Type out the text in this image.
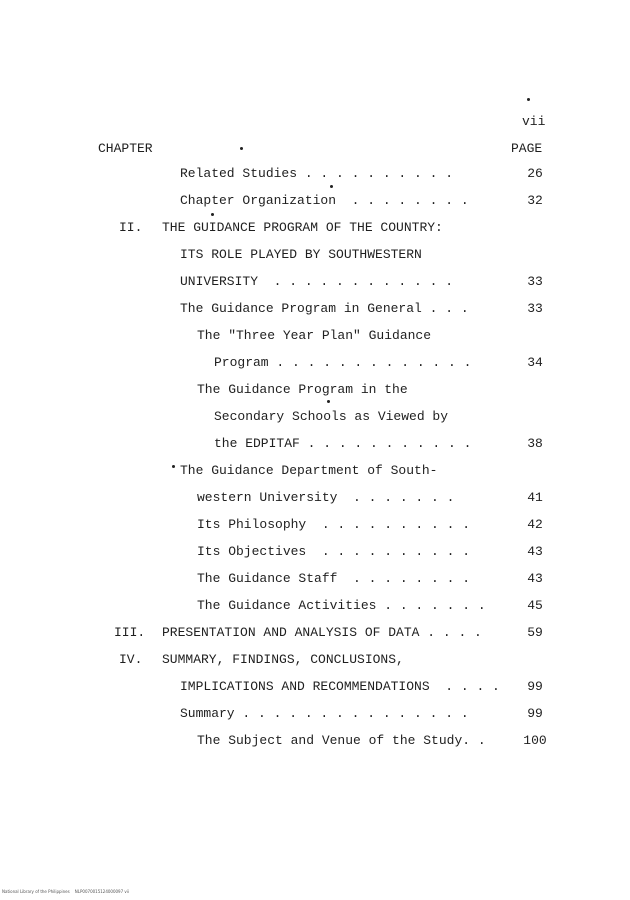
vii
CHAPTER	PAGE
Related Studies . . . . . . . . . .	26
Chapter Organization  . . . . . . . .	32
II. THE GUIDANCE PROGRAM OF THE COUNTRY:
ITS ROLE PLAYED BY SOUTHWESTERN
UNIVERSITY  . . . . . . . . . . . .	33
The Guidance Program in General . . .	33
The "Three Year Plan" Guidance
Program . . . . . . . . . . . . .	34
The Guidance Program in the
Secondary Schools as Viewed by
the EDPITAF . . . . . . . . . . .	38
The Guidance Department of South-
western University  . . . . . . .	41
Its Philosophy  . . . . . . . . . .	42
Its Objectives  . . . . . . . . . .	43
The Guidance Staff  . . . . . . . .	43
The Guidance Activities . . . . . . .	45
III. PRESENTATION AND ANALYSIS OF DATA . . . .	59
IV. SUMMARY, FINDINGS, CONCLUSIONS,
IMPLICATIONS AND RECOMMENDATIONS  . . . .	99
Summary . . . . . . . . . . . . . . .	99
The Subject and Venue of the Study. .	100
National Library of the Philippines    NLP0070015124000097 vii
